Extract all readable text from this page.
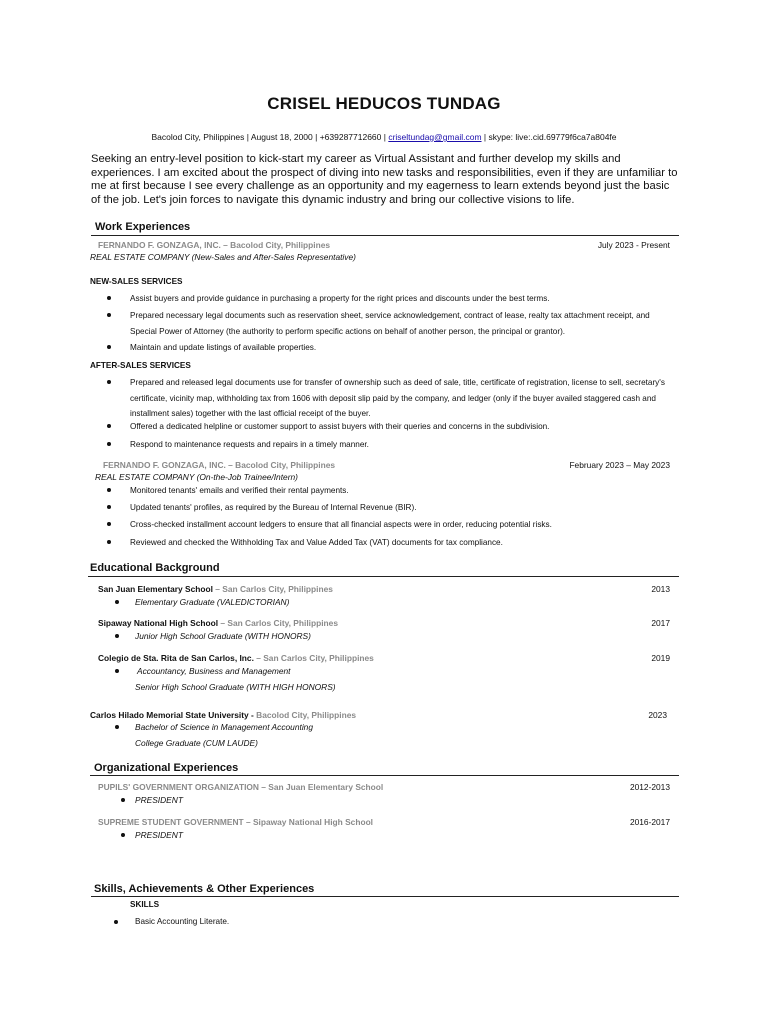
CRISEL HEDUCOS TUNDAG
Bacolod City, Philippines | August 18, 2000 | +639287712660 | criseltundag@gmail.com | skype: live:.cid.69779f6ca7a804fe
Seeking an entry-level position to kick-start my career as Virtual Assistant and further develop my skills and experiences. I am excited about the prospect of diving into new tasks and responsibilities, even if they are unfamiliar to me at first because I see every challenge as an opportunity and my eagerness to learn extends beyond just the basic of the job. Let's join forces to navigate this dynamic industry and bring our collective visions to life.
Work Experiences
FERNANDO F. GONZAGA, INC. – Bacolod City, Philippines	July 2023 - Present
REAL ESTATE COMPANY (New-Sales and After-Sales Representative)
NEW-SALES SERVICES
Assist buyers and provide guidance in purchasing a property for the right prices and discounts under the best terms.
Prepared necessary legal documents such as reservation sheet, service acknowledgement, contract of lease, realty tax attachment receipt, and Special Power of Attorney (the authority to perform specific actions on behalf of another person, the principal or grantor).
Maintain and update listings of available properties.
AFTER-SALES SERVICES
Prepared and released legal documents use for transfer of ownership such as deed of sale, title, certificate of registration, license to sell, secretary's certificate, vicinity map, withholding tax from 1606 with deposit slip paid by the company, and ledger (only if the buyer availed staggered cash and installment sales) together with the last official receipt of the buyer.
Offered a dedicated helpline or customer support to assist buyers with their queries and concerns in the subdivision.
Respond to maintenance requests and repairs in a timely manner.
FERNANDO F. GONZAGA, INC. – Bacolod City, Philippines	February 2023 – May 2023
REAL ESTATE COMPANY (On-the-Job Trainee/Intern)
Monitored tenants' emails and verified their rental payments.
Updated tenants' profiles, as required by the Bureau of Internal Revenue (BIR).
Cross-checked installment account ledgers to ensure that all financial aspects were in order, reducing potential risks.
Reviewed and checked the Withholding Tax and Value Added Tax (VAT) documents for tax compliance.
Educational Background
San Juan Elementary School – San Carlos City, Philippines	2013
Elementary Graduate (VALEDICTORIAN)
Sipaway National High School – San Carlos City, Philippines	2017
Junior High School Graduate (WITH HONORS)
Colegio de Sta. Rita de San Carlos, Inc. – San Carlos City, Philippines	2019
Accountancy, Business and Management
Senior High School Graduate (WITH HIGH HONORS)
Carlos Hilado Memorial State University - Bacolod City, Philippines	2023
Bachelor of Science in Management Accounting
College Graduate (CUM LAUDE)
Organizational Experiences
PUPILS' GOVERNMENT ORGANIZATION – San Juan Elementary School	2012-2013
PRESIDENT
SUPREME STUDENT GOVERNMENT – Sipaway National High School	2016-2017
PRESIDENT
Skills, Achievements & Other Experiences
SKILLS
Basic Accounting Literate.
